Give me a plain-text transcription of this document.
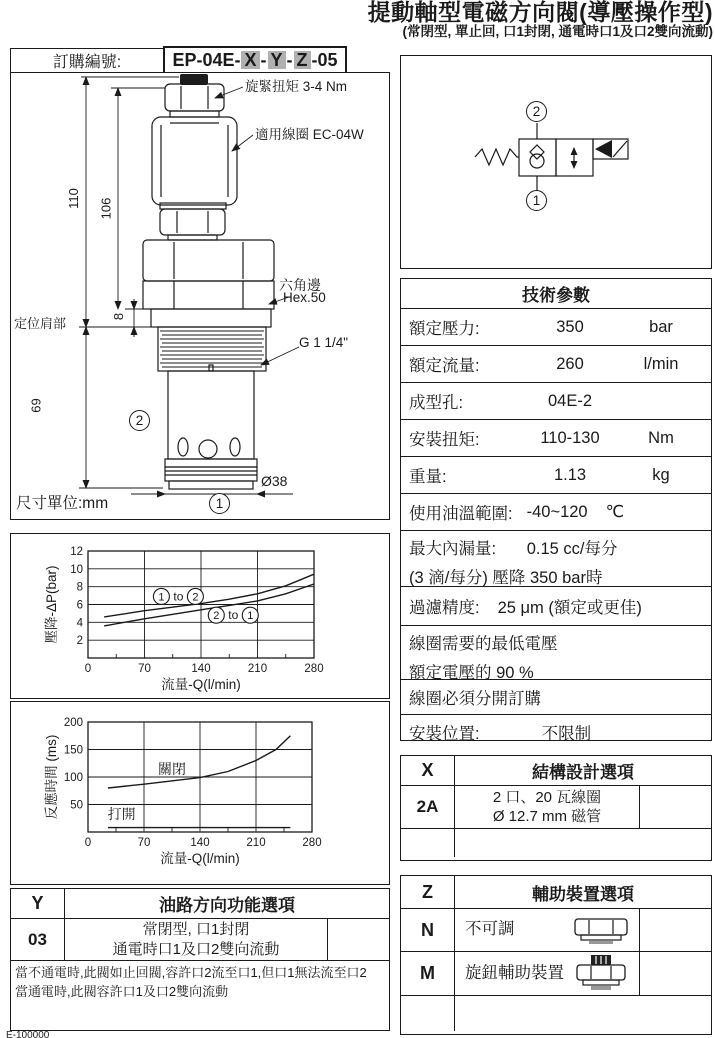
提動軸型電磁方向閥(導壓操作型)
(常閉型, 單止回, 口1封閉, 通電時口1及口2雙向流動)
訂購編號:	EP-04E- X - Y - Z -05
110 106
8
69
旋緊扭矩 3-4 Nm
適用線圈 EC-04W
六角邊
Hex.50
G 1 1/4"
定位肩部
Ø38
2
1
尺寸單位:mm
2
1
技術參數
額定壓力:	350	bar
額定流量:	260	l/min
成型孔:	04E-2
安裝扭矩:	110-130	Nm
重量:	1.13	kg
使用油溫範圍: -40~120 ℃
最大內漏量: 0.15 cc/每分
(3 滴/每分) 壓降 350 bar時
過濾精度: 25 μm (額定或更佳)
線圈需要的最低電壓
額定電壓的 90 %
線圈必須分開訂購
安裝位置:	不限制
0	70	140	210	280
2
4
6
8
10
12
1 to 2
2 to 1
流量-Q(l/min)
壓降-ΔP(bar)
0	70	140	210	280
50
100
150
200
關閉
打開
流量-Q(l/min)
反應時間 (ms)	X	結構設計選項
2A	2 口、20 瓦線圈
Ø 12.7 mm 磁管
Z	輔助裝置選項
N	不可調
M	旋鈕輔助裝置
Y	油路方向功能選項
03	常閉型, 口1封閉
通電時口1及口2雙向流動
當不通電時,此閥如止回閥,容許口2流至口1,但口1無法流至口2
當通電時,此閥容許口1及口2雙向流動
E-100000
